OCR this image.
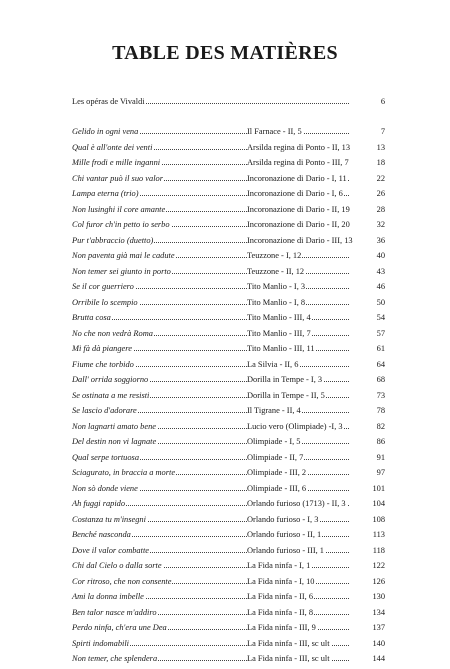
TABLE DES MATIÈRES
Les opéras de Vivaldi	6
Gelido in ogni vena	Il Farnace - II, 5	7
Qual è all'onte dei venti	Arsilda regina di Ponto - II, 13	13
Mille frodi e mille inganni	Arsilda regina di Ponto - III, 7	18
Chi vantar può il suo valor	Incoronazione di Dario - I, 11	22
Lampa eterna (trio)	Incoronazione di Dario - I, 6	26
Non lusinghi il core amante	Incoronazione di Dario - II, 19	28
Col furor ch'in petto io serbo	Incoronazione di Dario - II, 20	32
Pur t'abbraccio (duetto)	Incoronazione di Dario - III, 13	36
Non paventa già mai le cadute	Teuzzone - I, 12	40
Non temer sei giunto in porto	Teuzzone - II, 12	43
Se il cor guerriero	Tito Manlio - I, 3	46
Orribile lo scempio	Tito Manlio - I, 8	50
Brutta cosa	Tito Manlio - III, 4	54
No che non vedrà Roma	Tito Manlio - III, 7	57
Mi fà dà piangere	Tito Manlio - III, 11	61
Fiume che torbido	La Silvia - II, 6	64
Dall' orrida soggiorno	Dorilla in Tempe - I, 3	68
Se ostinata a me resisti	Dorilla in Tempe - II, 5	73
Se lascio d'adorare	Il Tigrane - II, 4	78
Non lagnarti amato bene	Lucio vero (Olimpiade) -I, 3	82
Del destin non vi lagnate	Olimpiade - I, 5	86
Qual serpe tortuosa	Olimpiade - II, 7	91
Sciagurato, in braccia a morte	Olimpiade - III, 2	97
Non sò donde viene	Olimpiade - III, 6	101
Ah fuggi rapido	Orlando furioso (1713) - II, 3	104
Costanza tu m'insegni	Orlando furioso - I, 3	108
Benché nasconda	Orlando furioso - II, 1	113
Dove il valor combatte	Orlando furioso - III, 1	118
Chi dal Cielo o dalla sorte	La Fida ninfa - I, 1	122
Cor ritroso, che non consente	La Fida ninfa - I, 10	126
Ami la donna imbelle	La Fida ninfa - II, 6	130
Ben talor nasce m'addiro	La Fida ninfa - II, 8	134
Perdo ninfa, ch'era une Dea	La Fida ninfa - III, 9	137
Spirti indomabili	La Fida ninfa - III, sc ult	140
Non temer, che splendera	La Fida ninfa - III, sc ult	144
